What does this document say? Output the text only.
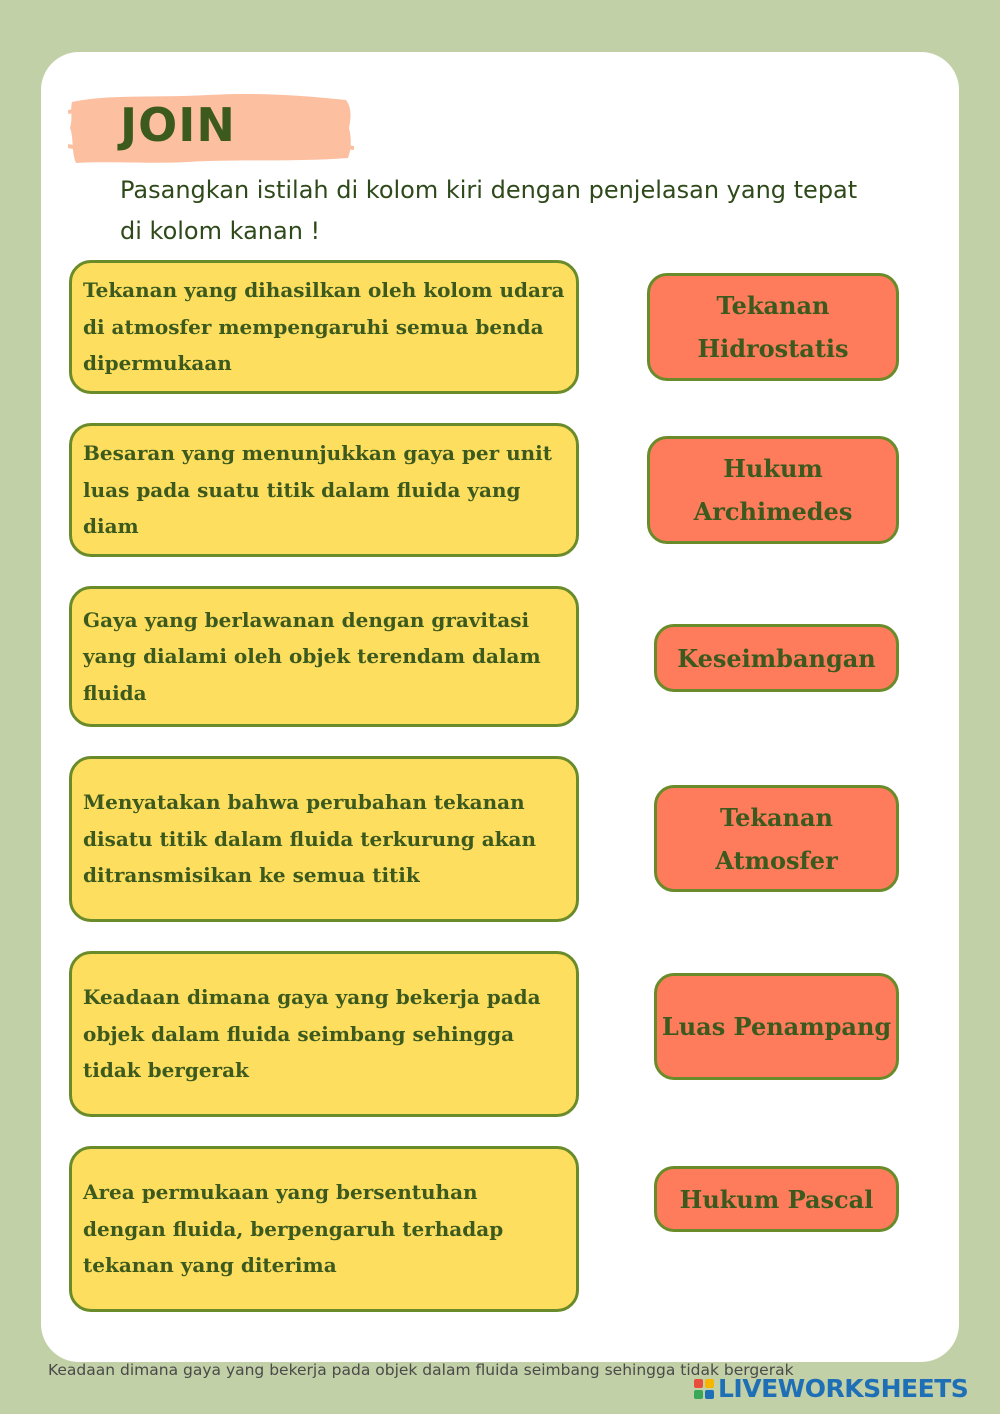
JOIN
Pasangkan istilah di kolom kiri dengan penjelasan yang tepat di kolom kanan !
Tekanan yang dihasilkan oleh kolom udara di atmosfer mempengaruhi semua benda dipermukaan
Besaran yang menunjukkan gaya per unit luas pada suatu titik dalam fluida yang diam
Gaya yang berlawanan dengan gravitasi yang dialami oleh objek terendam dalam fluida
Menyatakan bahwa perubahan tekanan disatu titik dalam fluida terkurung akan ditransmisikan ke semua titik
Keadaan dimana gaya yang bekerja pada objek dalam fluida seimbang sehingga tidak bergerak
Area permukaan yang bersentuhan dengan fluida, berpengaruh terhadap tekanan yang diterima
Tekanan Hidrostatis
Hukum Archimedes
Keseimbangan
Tekanan Atmosfer
Luas Penampang
Hukum Pascal
Keadaan dimana gaya yang bekerja pada objek dalam fluida seimbang sehingga tidak bergerak
LIVEWORKSHEETS
